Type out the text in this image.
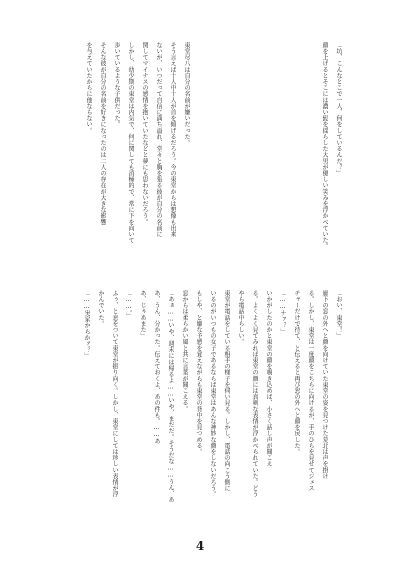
「坊、こんなとこで一人、何をしているんだ？」
顔を上げるとそこには濃い髭を揺らした大男が優しい笑みを浮かべていた。
東堂尽八は自分の名前が嫌いだった。
そう言えば十人中十人が首を傾げるだろう。今の東堂からは想像も出来
ないが、いつだって自信に満ち溢れ、堂々と胸を張る彼が自分の名前に
関してマイナスの感情を抱いていたなどと夢にも思わないだろう。
しかし、幼少期の東堂は内気で、何に関しても消極的で、常に下を向いて
歩いているような子供だった。
そんな彼が自分の名前を好きになったのは二人の存在が大きな影響
を与えていたからに他ならない。
「おい、東堂！」
廊下の窓の外へと顔を向けていた東堂の姿を見つけた荒北は声を掛け
る。しかし、東堂は一度顔をこちらに向けるが、手のひらを見せてジェス
チャーだけで待て、と伝えると再び窓の外へと顔を戻した。
「……ナァ？」
いかがしたのかと東堂の顔を覗き込めば、小さく話し声が聞こえ
る。よくよく見てみれば東堂の顔には真剣な表情が浮かべられていた。どう
やら電話中らしい。
東堂が電話をしている相手の様子を伺い見る。しかし、電話の向こう側に
いるのがいつもの女子であるならば東堂はあんな神妙な顔をしないだろう。
もしや、と嫌な予感を覚えながらも東堂の背中を見つめる。
窓からは柔らかい風と共に言葉が聞こえる。
「あぁ……いや、週末には帰るよ……いや、まだだ。そうだな……うん、あ
あ、うん、分かった。伝えておくよ、あの件も。……あ
あ、じゃあまた」
「……。」
ふぅ、と息をついて東堂が振り向く。しかし、東堂にしては珍しい表情が浮
かんでいた。
「……実家からかァ？」
4
